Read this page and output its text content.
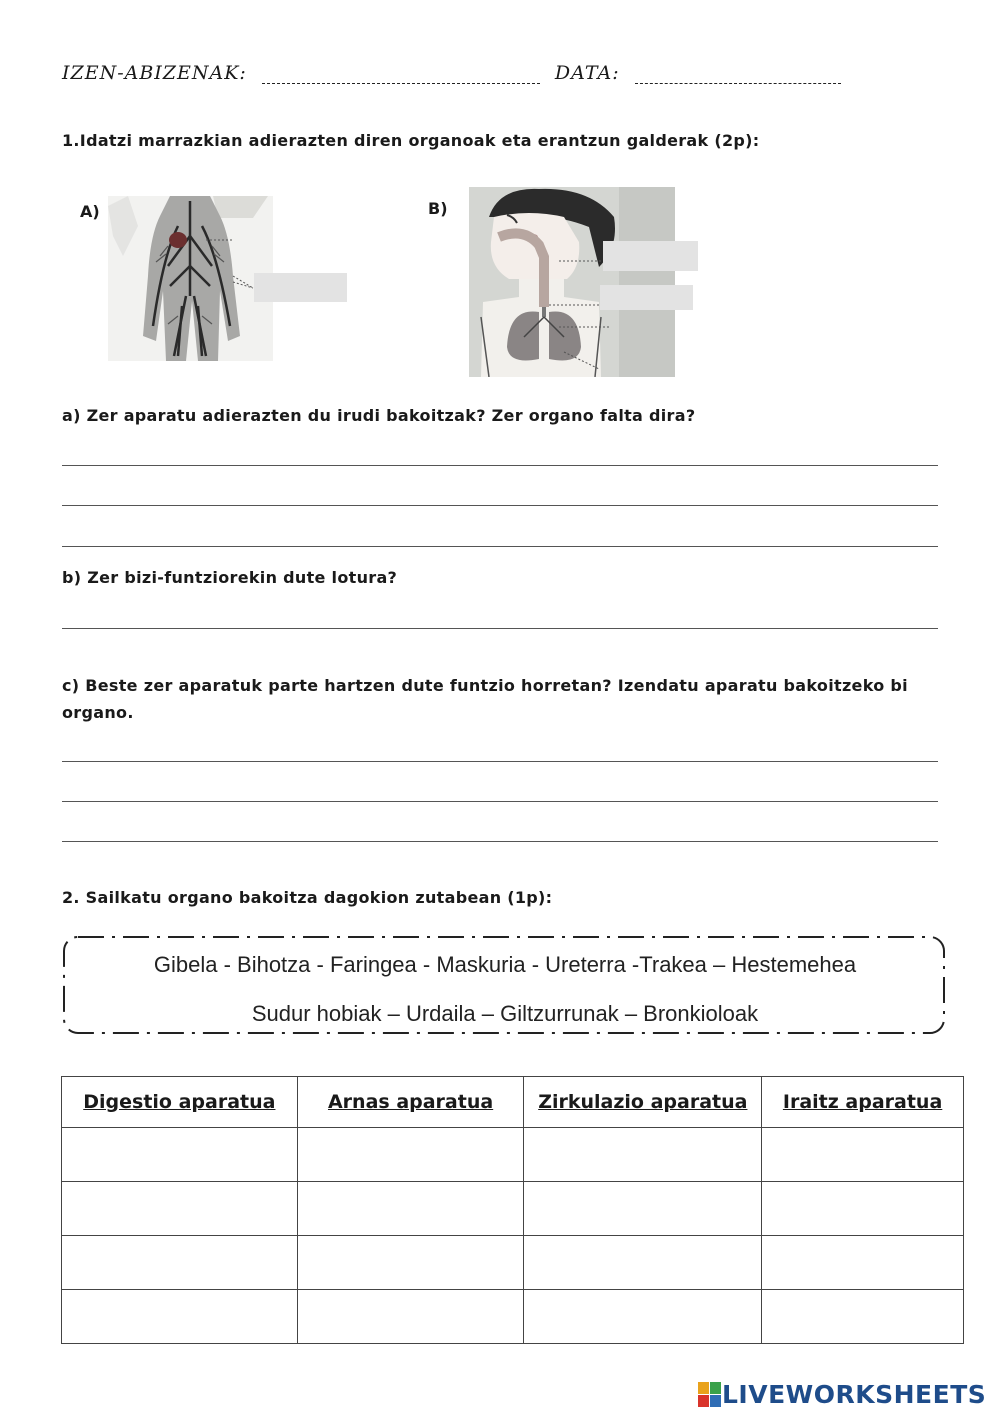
IZEN-ABIZENAK:	DATA:
1.Idatzi marrazkian adierazten diren organoak eta erantzun galderak (2p):
A)	B)
a) Zer aparatu adierazten du irudi bakoitzak? Zer organo falta dira?
b) Zer bizi-funtziorekin dute lotura?
c) Beste zer aparatuk parte hartzen dute funtzio horretan? Izendatu aparatu bakoitzeko bi
organo.
2. Sailkatu organo bakoitza dagokion zutabean (1p):
Gibela - Bihotza - Faringea - Maskuria - Ureterra -Trakea – Hestemehea
Sudur hobiak – Urdaila – Giltzurrunak – Bronkioloak
Digestio aparatua	Arnas aparatua	Zirkulazio aparatua	Iraitz aparatua

LIVEWORKSHEETS
